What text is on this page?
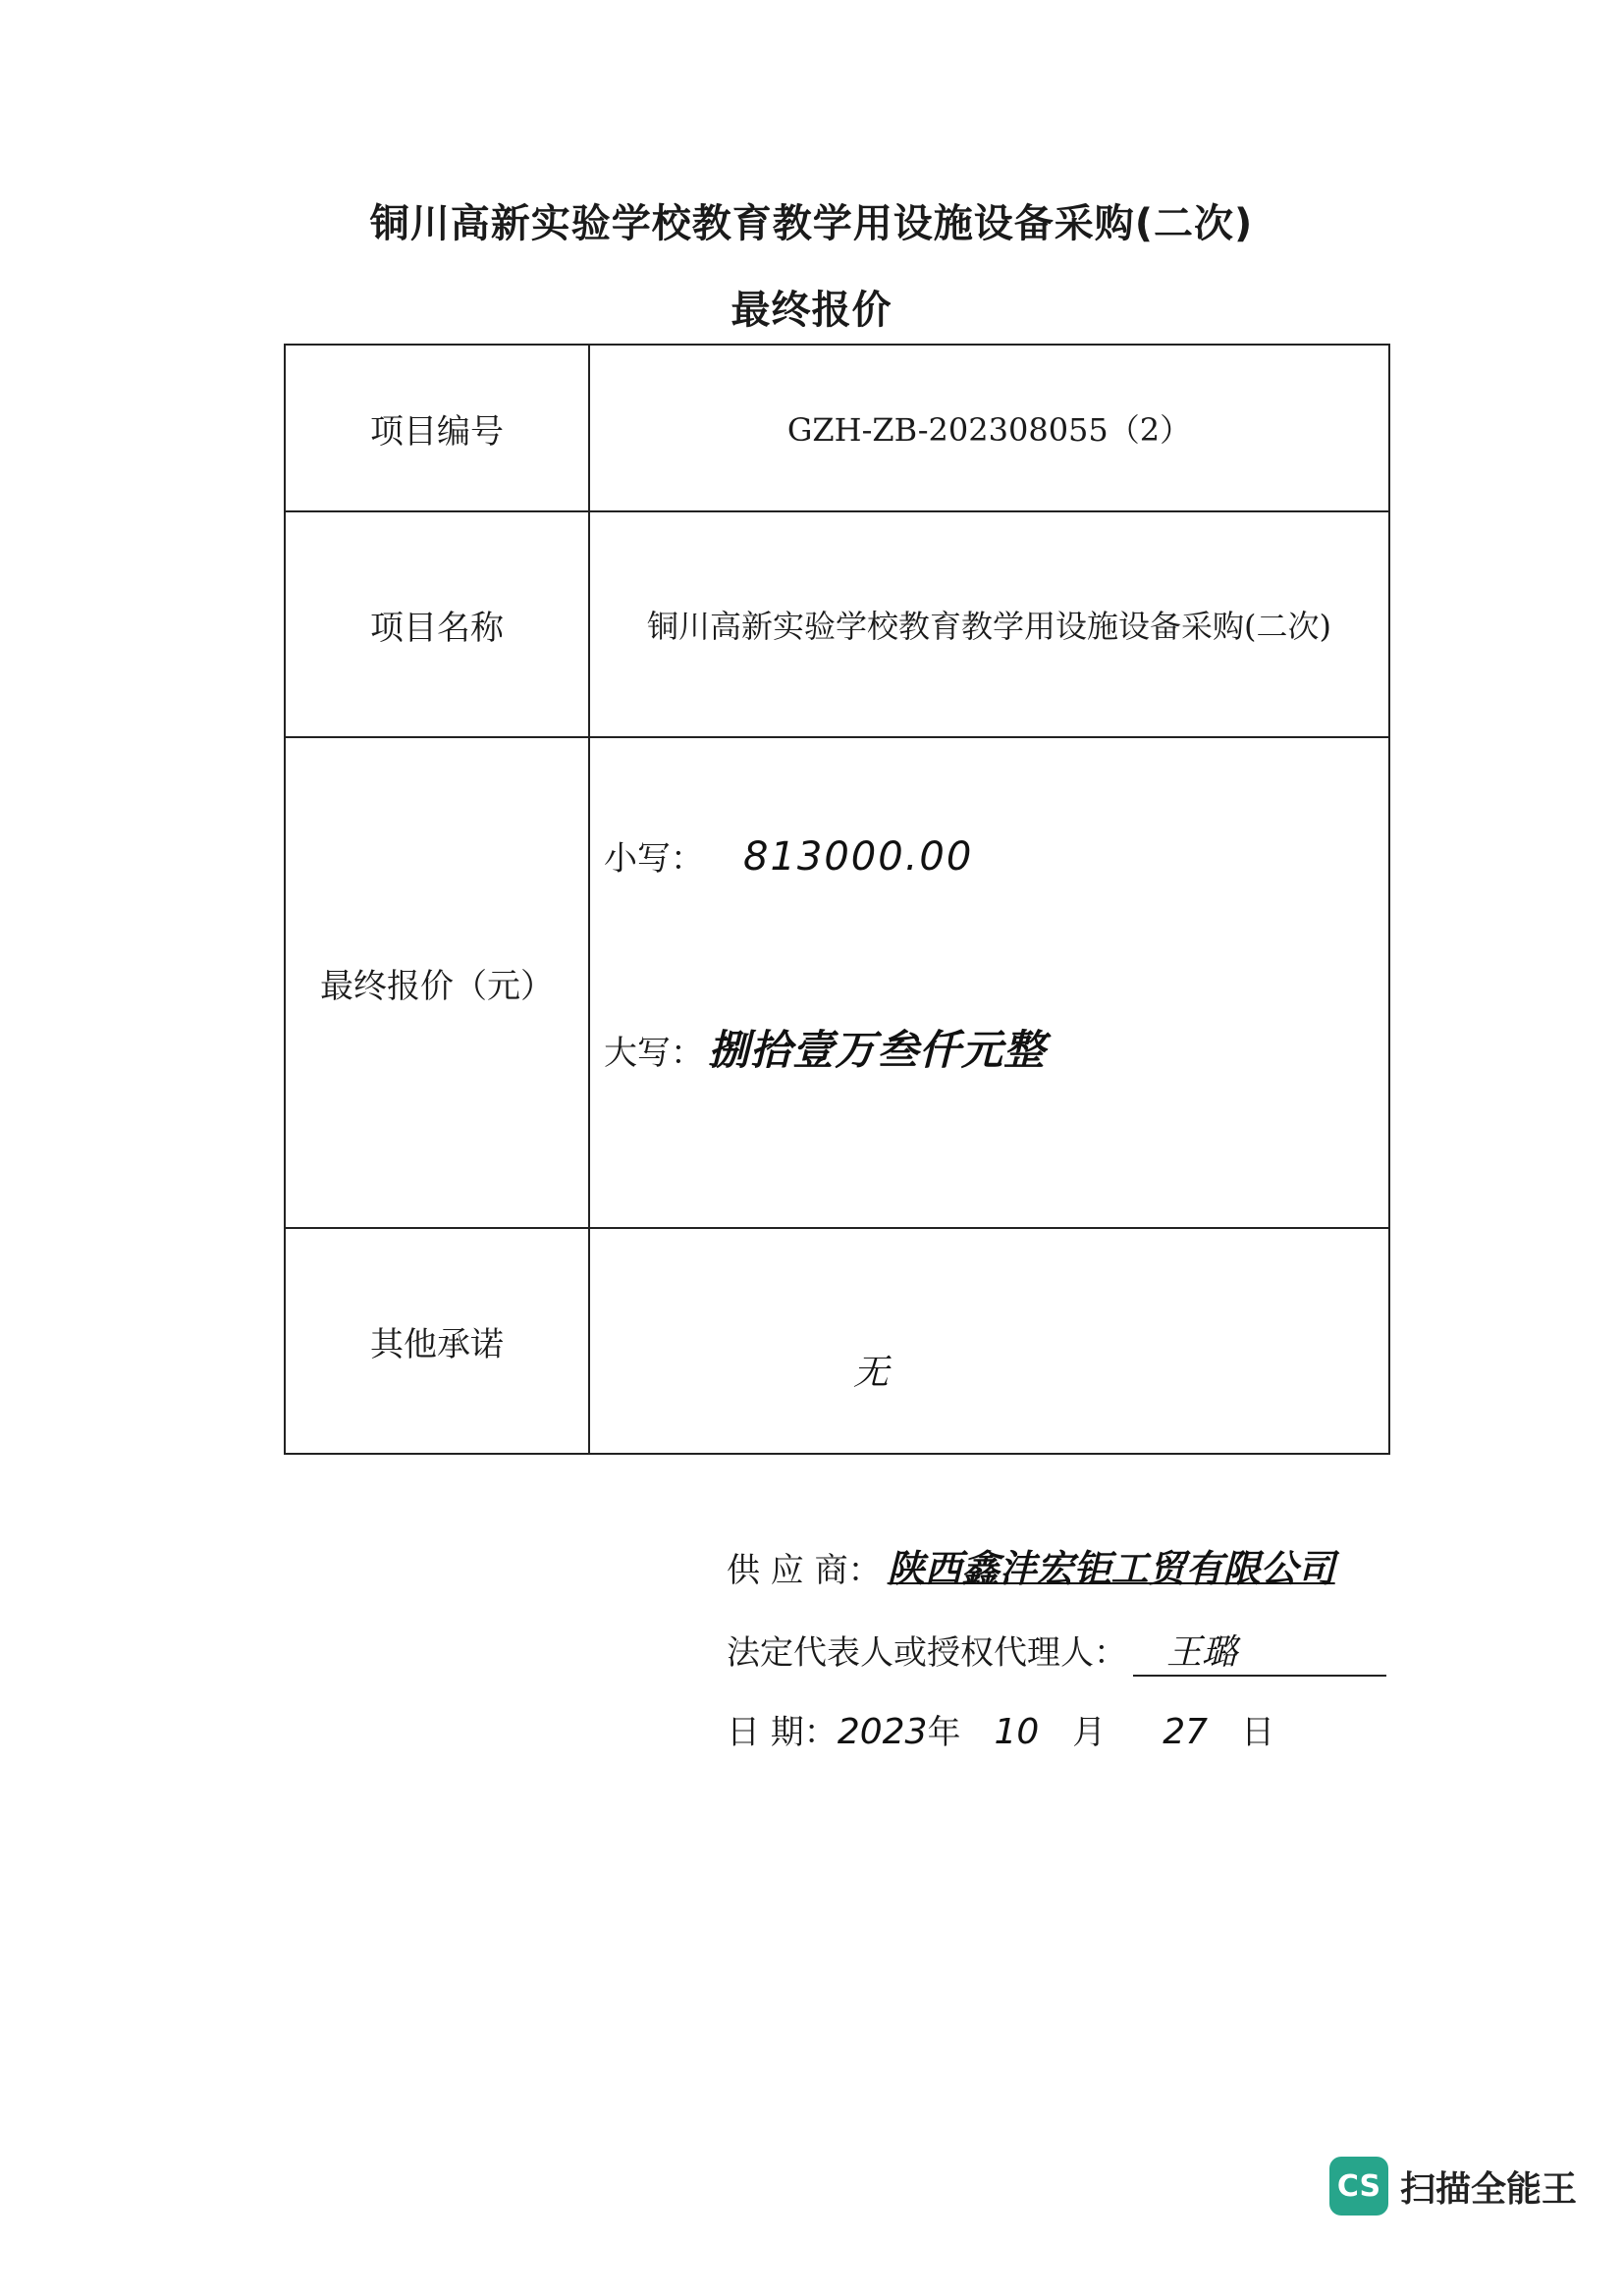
铜川高新实验学校教育教学用设施设备采购(二次)
最终报价
项目编号	GZH-ZB-202308055（2）
项目名称	铜川高新实验学校教育教学用设施设备采购(二次)
最终报价（元）	小写： 813000.00
大写： 捌拾壹万叁仟元整

其他承诺	无
供 应 商： 陕西鑫沣宏钜工贸有限公司
法定代表人或授权代理人：	王璐
日 期： 2023 年 10 月 27 日
CS 扫描全能王
